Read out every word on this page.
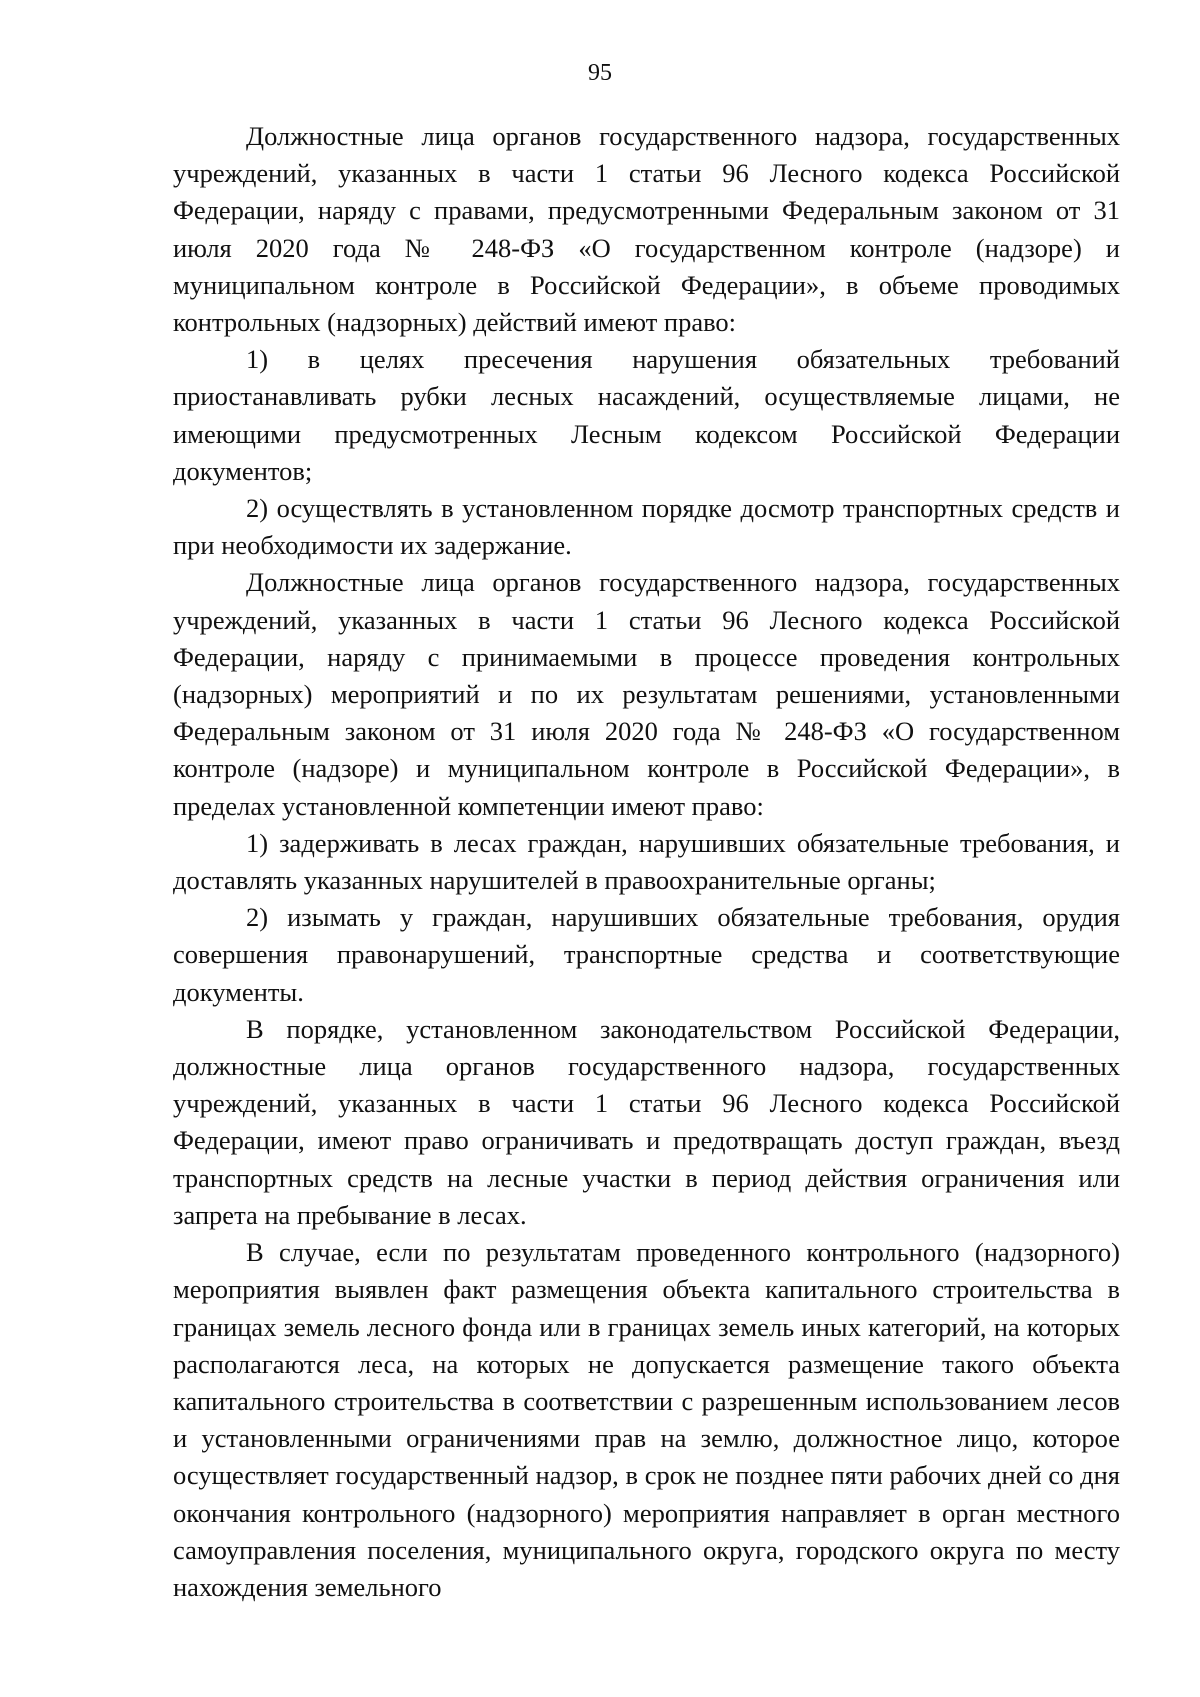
95

Должностные лица органов государственного надзора, государственных учреждений, указанных в части 1 статьи 96 Лесного кодекса Российской Федерации, наряду с правами, предусмотренными Федеральным законом от 31 июля 2020 года № 248-ФЗ «О государственном контроле (надзоре) и муниципальном контроле в Российской Федерации», в объеме проводимых контрольных (надзорных) действий имеют право:

1) в целях пресечения нарушения обязательных требований приостанавливать рубки лесных насаждений, осуществляемые лицами, не имеющими предусмотренных Лесным кодексом Российской Федерации документов;

2) осуществлять в установленном порядке досмотр транспортных средств и при необходимости их задержание.

Должностные лица органов государственного надзора, государственных учреждений, указанных в части 1 статьи 96 Лесного кодекса Российской Федерации, наряду с принимаемыми в процессе проведения контрольных (надзорных) мероприятий и по их результатам решениями, установленными Федеральным законом от 31 июля 2020 года № 248-ФЗ «О государственном контроле (надзоре) и муниципальном контроле в Российской Федерации», в пределах установленной компетенции имеют право:

1) задерживать в лесах граждан, нарушивших обязательные требования, и доставлять указанных нарушителей в правоохранительные органы;

2) изымать у граждан, нарушивших обязательные требования, орудия совершения правонарушений, транспортные средства и соответствующие документы.

В порядке, установленном законодательством Российской Федерации, должностные лица органов государственного надзора, государственных учреждений, указанных в части 1 статьи 96 Лесного кодекса Российской Федерации, имеют право ограничивать и предотвращать доступ граждан, въезд транспортных средств на лесные участки в период действия ограничения или запрета на пребывание в лесах.

В случае, если по результатам проведенного контрольного (надзорного) мероприятия выявлен факт размещения объекта капитального строительства в границах земель лесного фонда или в границах земель иных категорий, на которых располагаются леса, на которых не допускается размещение такого объекта капитального строительства в соответствии с разрешенным использованием лесов и установленными ограничениями прав на землю, должностное лицо, которое осуществляет государственный надзор, в срок не позднее пяти рабочих дней со дня окончания контрольного (надзорного) мероприятия направляет в орган местного самоуправления поселения, муниципального округа, городского округа по месту нахождения земельного
